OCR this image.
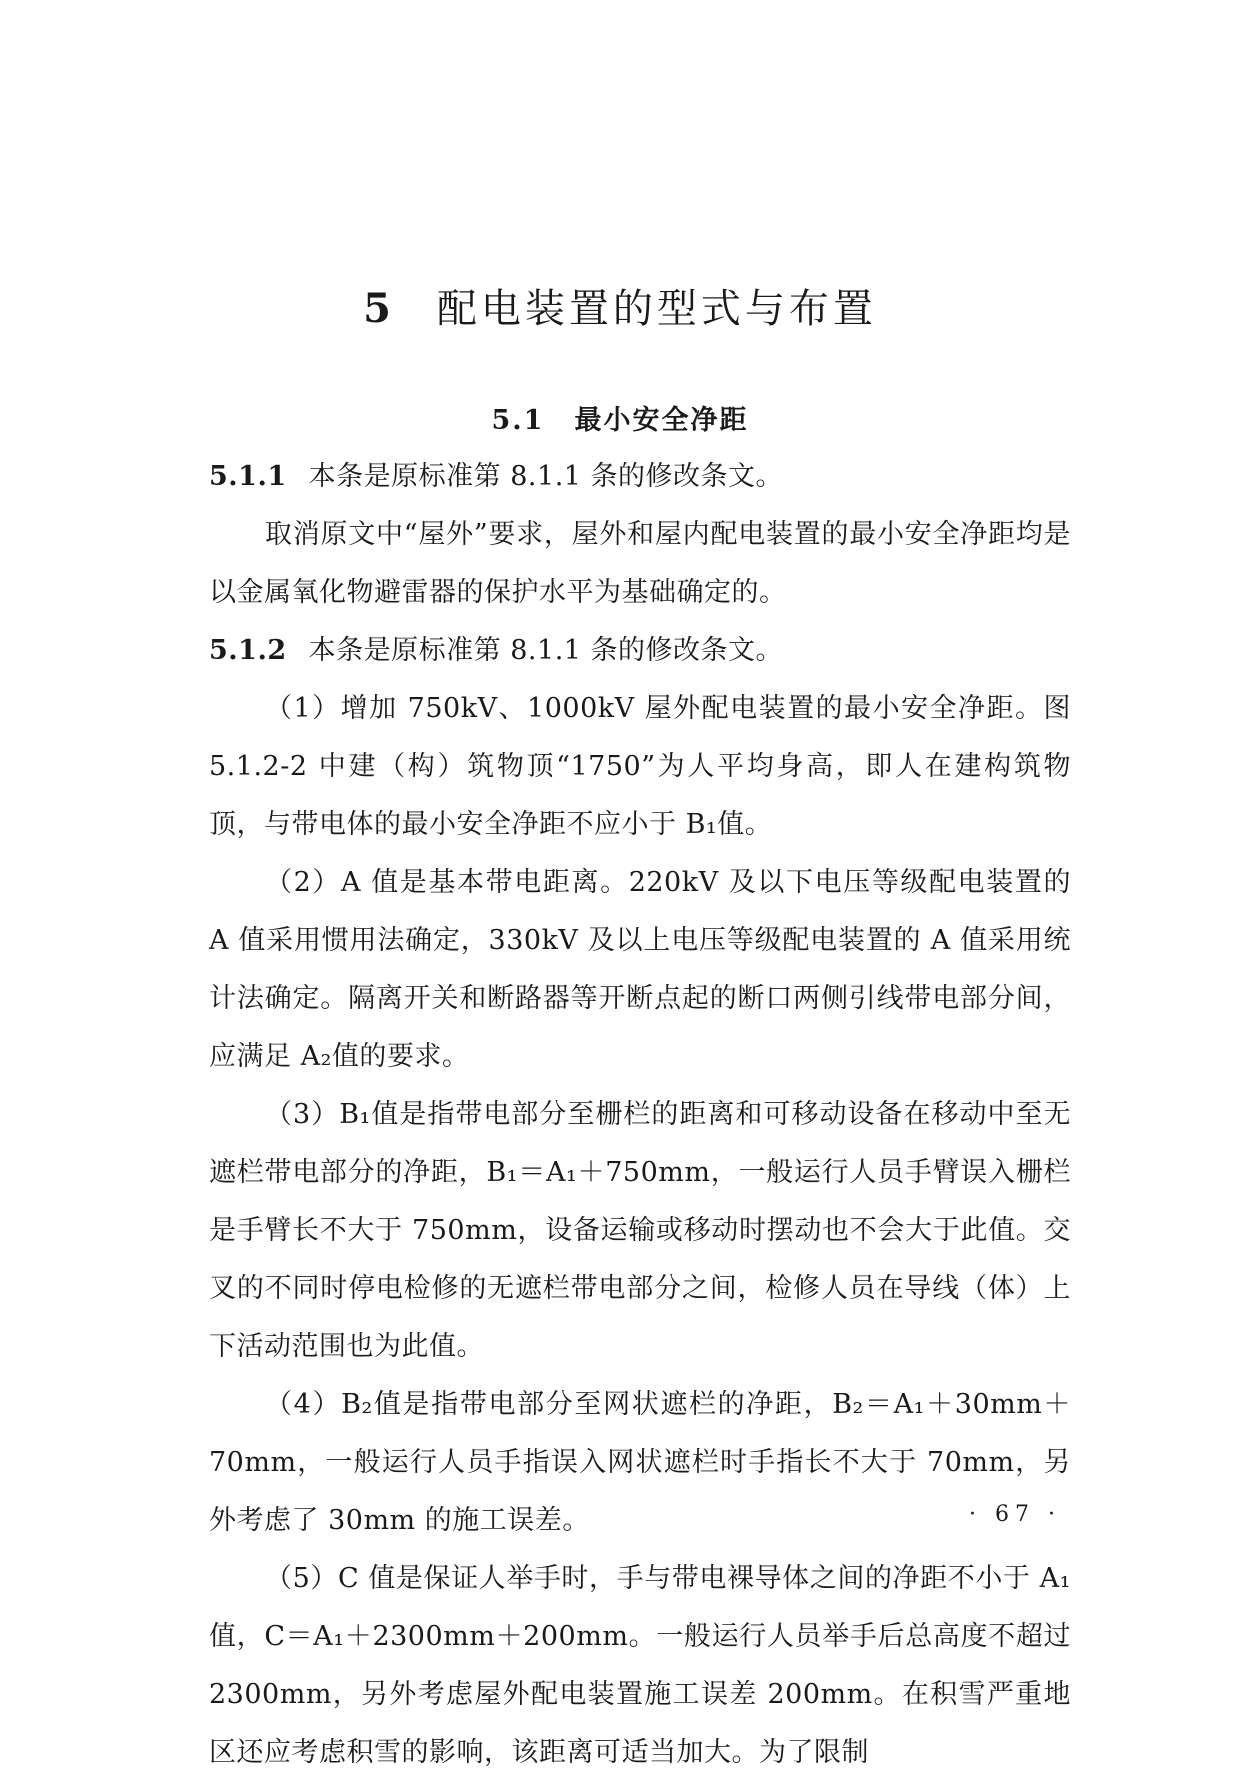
5 配电装置的型式与布置
5.1 最小安全净距

5.1.1 本条是原标准第 8.1.1 条的修改条文。

取消原文中“屋外”要求，屋外和屋内配电装置的最小安全净距均是以金属氧化物避雷器的保护水平为基础确定的。

5.1.2 本条是原标准第 8.1.1 条的修改条文。

（1）增加 750kV、1000kV 屋外配电装置的最小安全净距。图 5.1.2-2 中建（构）筑物顶“1750”为人平均身高，即人在建构筑物顶，与带电体的最小安全净距不应小于 B₁值。

（2）A 值是基本带电距离。220kV 及以下电压等级配电装置的 A 值采用惯用法确定，330kV 及以上电压等级配电装置的 A 值采用统计法确定。隔离开关和断路器等开断点起的断口两侧引线带电部分间，应满足 A₂值的要求。

（3）B₁值是指带电部分至栅栏的距离和可移动设备在移动中至无遮栏带电部分的净距，B₁＝A₁＋750mm，一般运行人员手臂误入栅栏是手臂长不大于 750mm，设备运输或移动时摆动也不会大于此值。交叉的不同时停电检修的无遮栏带电部分之间，检修人员在导线（体）上下活动范围也为此值。

（4）B₂值是指带电部分至网状遮栏的净距，B₂＝A₁＋30mm＋70mm，一般运行人员手指误入网状遮栏时手指长不大于 70mm，另外考虑了 30mm 的施工误差。

（5）C 值是保证人举手时，手与带电裸导体之间的净距不小于 A₁值，C＝A₁＋2300mm＋200mm。一般运行人员举手后总高度不超过 2300mm，另外考虑屋外配电装置施工误差 200mm。在积雪严重地区还应考虑积雪的影响，该距离可适当加大。为了限制

· 67 ·
